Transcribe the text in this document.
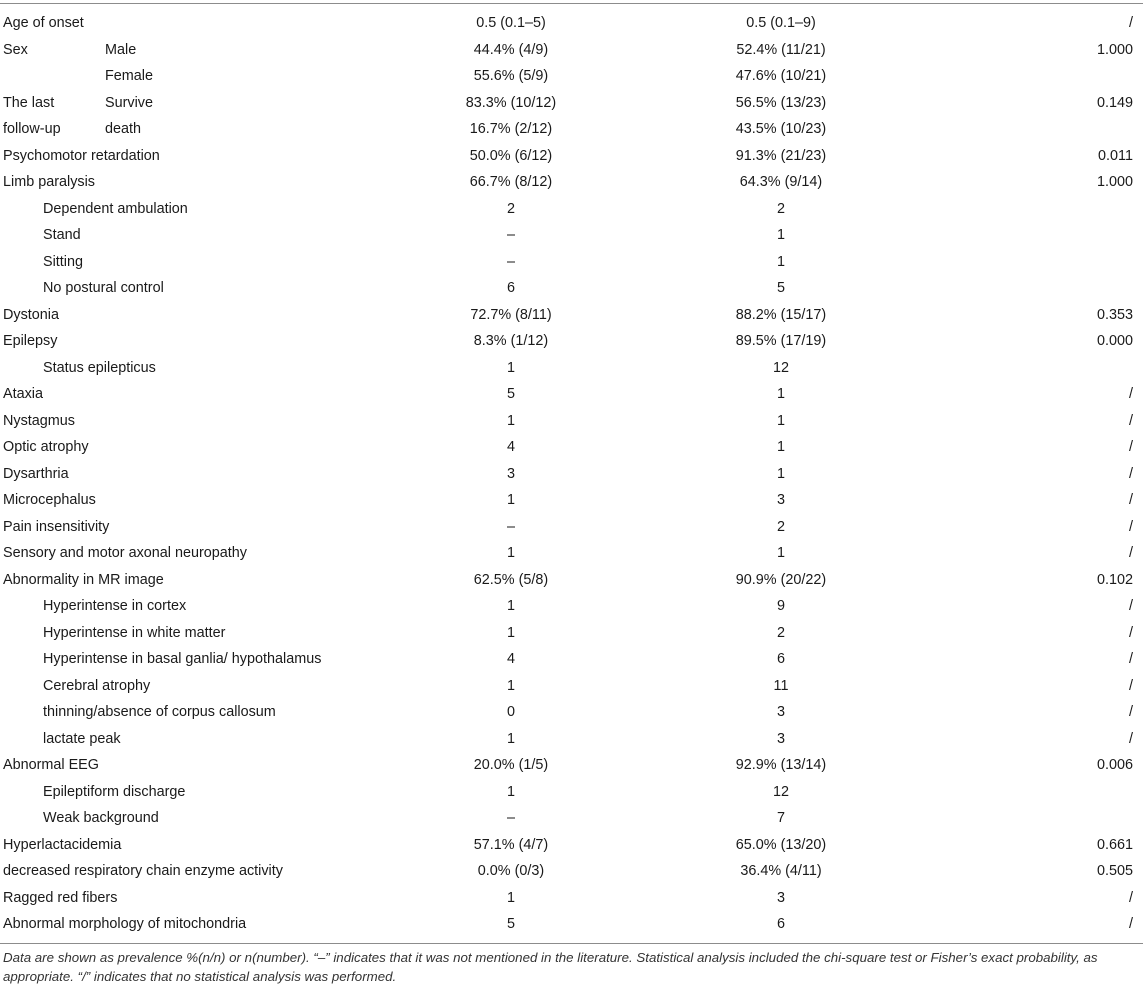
Age of onset	0.5 (0.1–5)	0.5 (0.1–9)	/
Sex	Male	44.4% (4/9)	52.4% (11/21)	1.000
Female	55.6% (5/9)	47.6% (10/21)
The last	Survive	83.3% (10/12)	56.5% (13/23)	0.149
follow-up	death	16.7% (2/12)	43.5% (10/23)
Psychomotor retardation	50.0% (6/12)	91.3% (21/23)	0.011
Limb paralysis	66.7% (8/12)	64.3% (9/14)	1.000
Dependent ambulation	2	2
Stand	–	1
Sitting	–	1
No postural control	6	5
Dystonia	72.7% (8/11)	88.2% (15/17)	0.353
Epilepsy	8.3% (1/12)	89.5% (17/19)	0.000
Status epilepticus	1	12
Ataxia	5	1	/
Nystagmus	1	1	/
Optic atrophy	4	1	/
Dysarthria	3	1	/
Microcephalus	1	3	/
Pain insensitivity	–	2	/
Sensory and motor axonal neuropathy	1	1	/
Abnormality in MR image	62.5% (5/8)	90.9% (20/22)	0.102
Hyperintense in cortex	1	9	/
Hyperintense in white matter	1	2	/
Hyperintense in basal ganlia/ hypothalamus	4	6	/
Cerebral atrophy	1	11	/
thinning/absence of corpus callosum	0	3	/
lactate peak	1	3	/
Abnormal EEG	20.0% (1/5)	92.9% (13/14)	0.006
Epileptiform discharge	1	12
Weak background	–	7
Hyperlactacidemia	57.1% (4/7)	65.0% (13/20)	0.661
decreased respiratory chain enzyme activity	0.0% (0/3)	36.4% (4/11)	0.505
Ragged red fibers	1	3	/
Abnormal morphology of mitochondria	5	6	/
Data are shown as prevalence %(n/n) or n(number). “–” indicates that it was not mentioned in the literature. Statistical analysis included the chi-square test or Fisher’s exact probability, as appropriate. “/” indicates that no statistical analysis was performed.
